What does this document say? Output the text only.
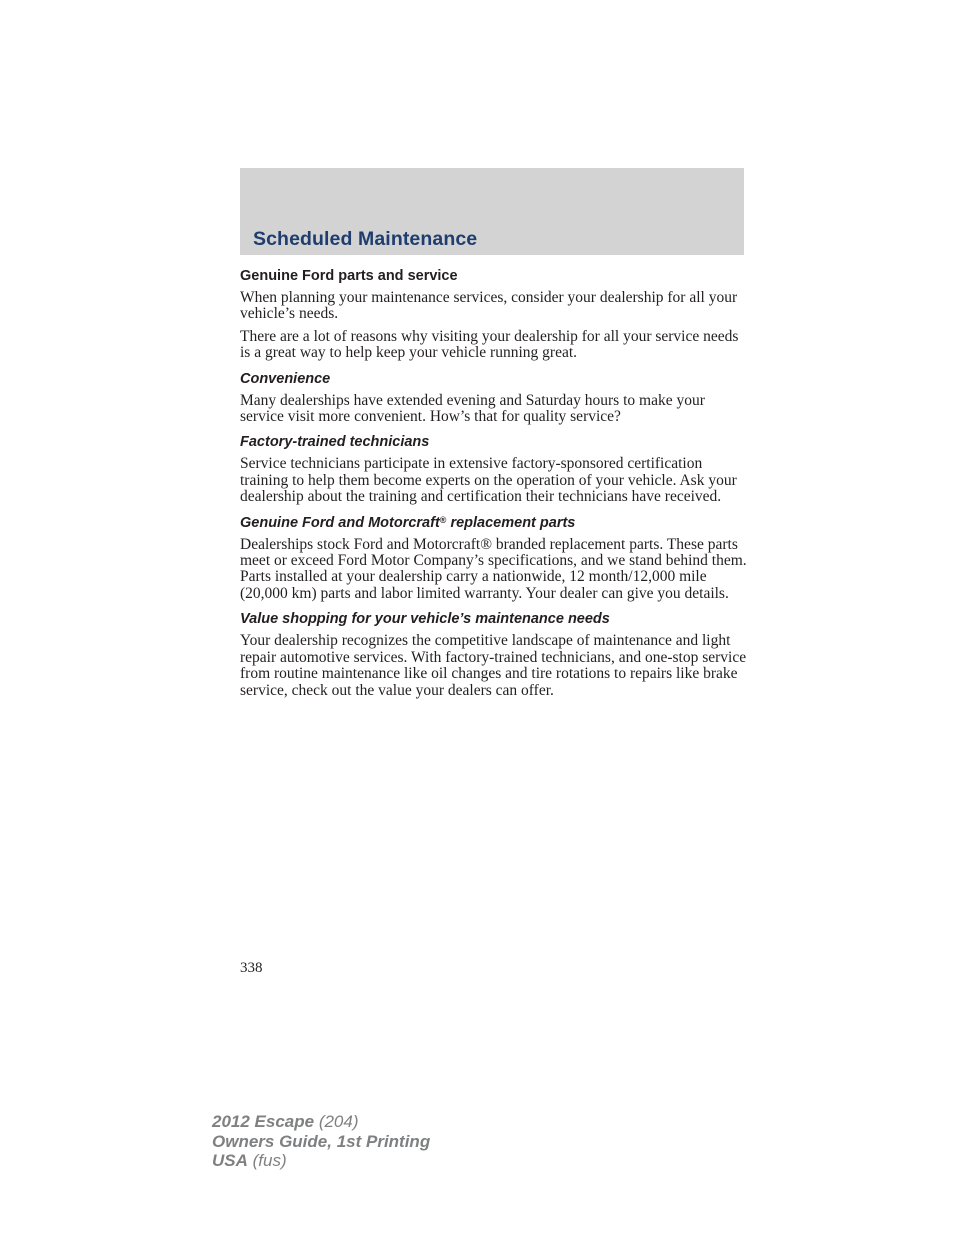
Scheduled Maintenance
Genuine Ford parts and service

When planning your maintenance services, consider your dealership for all your vehicle’s needs.

There are a lot of reasons why visiting your dealership for all your service needs is a great way to help keep your vehicle running great.

Convenience

Many dealerships have extended evening and Saturday hours to make your service visit more convenient. How’s that for quality service?

Factory-trained technicians

Service technicians participate in extensive factory-sponsored certification training to help them become experts on the operation of your vehicle. Ask your dealership about the training and certification their technicians have received.

Genuine Ford and Motorcraft® replacement parts

Dealerships stock Ford and Motorcraft® branded replacement parts. These parts meet or exceed Ford Motor Company’s specifications, and we stand behind them. Parts installed at your dealership carry a nationwide, 12 month/12,000 mile (20,000 km) parts and labor limited warranty. Your dealer can give you details.

Value shopping for your vehicle’s maintenance needs

Your dealership recognizes the competitive landscape of maintenance and light repair automotive services. With factory-trained technicians, and one-stop service from routine maintenance like oil changes and tire rotations to repairs like brake service, check out the value your dealers can offer.

338

2012 Escape (204)
Owners Guide, 1st Printing
USA (fus)
